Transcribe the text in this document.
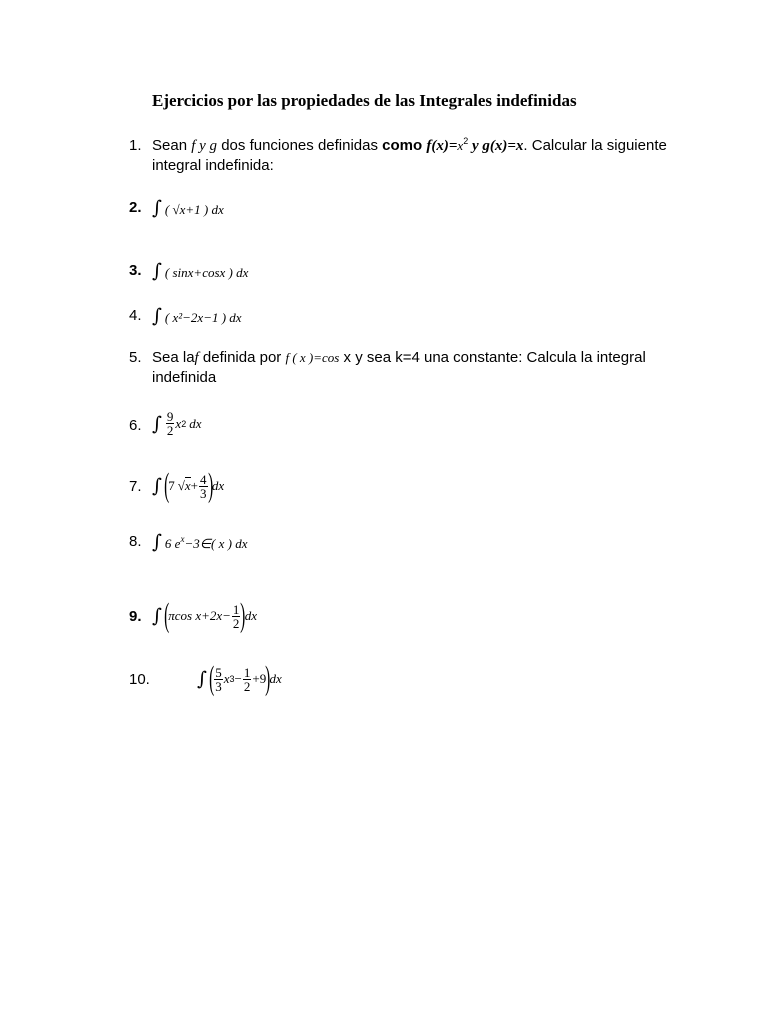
Ejercicios por las propiedades de las Integrales indefinidas
1. Sean f y g dos funciones definidas como $f(x)=x^2$ y g(x)=x. Calcular la siguiente integral indefinida:
2. ∫ ( √x+1 ) dx
3. ∫ ( sinx+cosx ) dx
4. ∫ ( x²−2x−1 ) dx
5. Sea laf definida por f ( x )=cos x y sea k=4 una constante: Calcula la integral indefinida
6. ∫ 9
2 x 2 dx
7. ∫ ( 7 $√x + \frac{4}{3}$ ) dx
8. ∫ 6 $e^x-3\in$( x ) dx
9. ∫ ( πcos $x+2x- \frac{1}{2}$ ) dx
10. ∫ ( 5
3 x $3 - \frac{1}{2} +9$ ) dx
